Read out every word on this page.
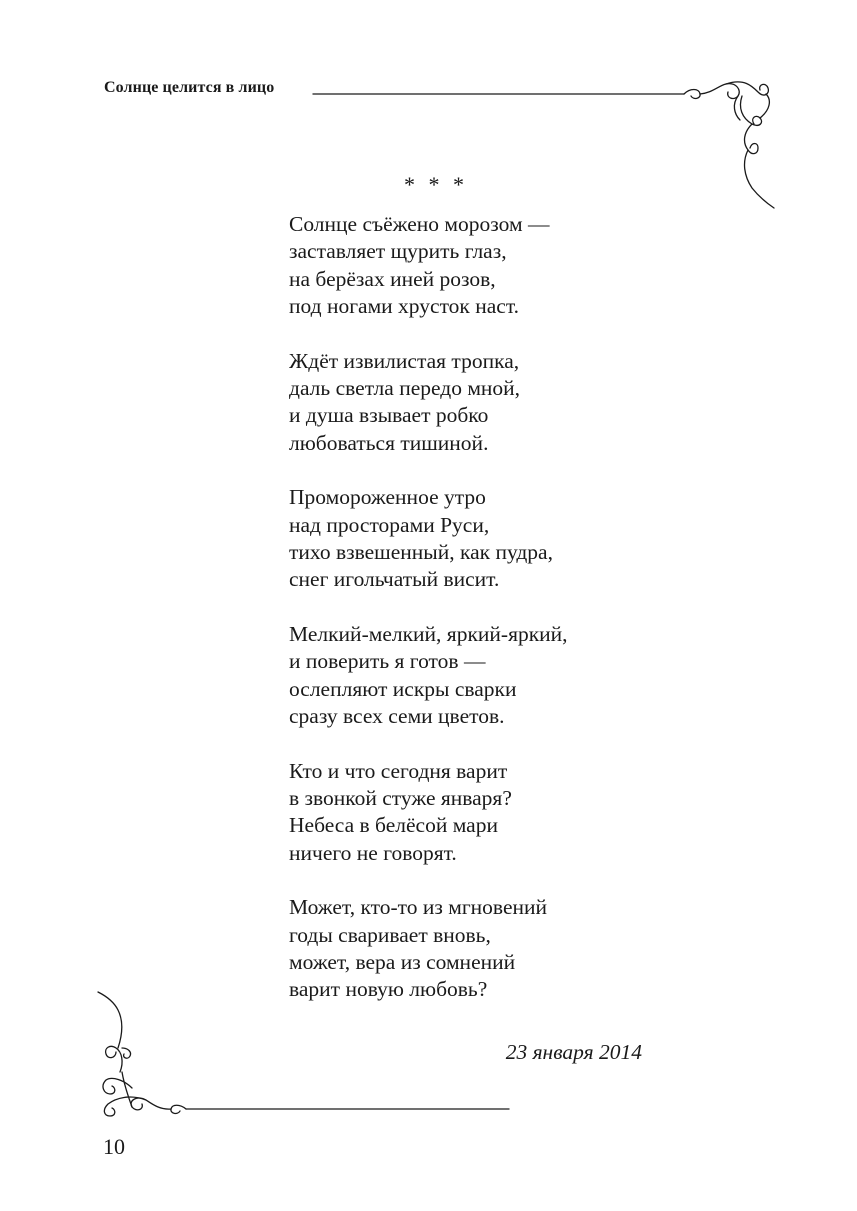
Солнце целится в лицо
* * *
Солнце съёжено морозом —
заставляет щурить глаз,
на берёзах иней розов,
под ногами хрусток наст.
Ждёт извилистая тропка,
даль светла передо мной,
и душа взывает робко
любоваться тишиной.
Промороженное утро
над просторами Руси,
тихо взвешенный, как пудра,
снег игольчатый висит.
Мелкий-мелкий, яркий-яркий,
и поверить я готов —
ослепляют искры сварки
сразу всех семи цветов.
Кто и что сегодня варит
в звонкой стуже января?
Небеса в белёсой мари
ничего не говорят.
Может, кто-то из мгновений
годы сваривает вновь,
может, вера из сомнений
варит новую любовь?
23 января 2014
10
